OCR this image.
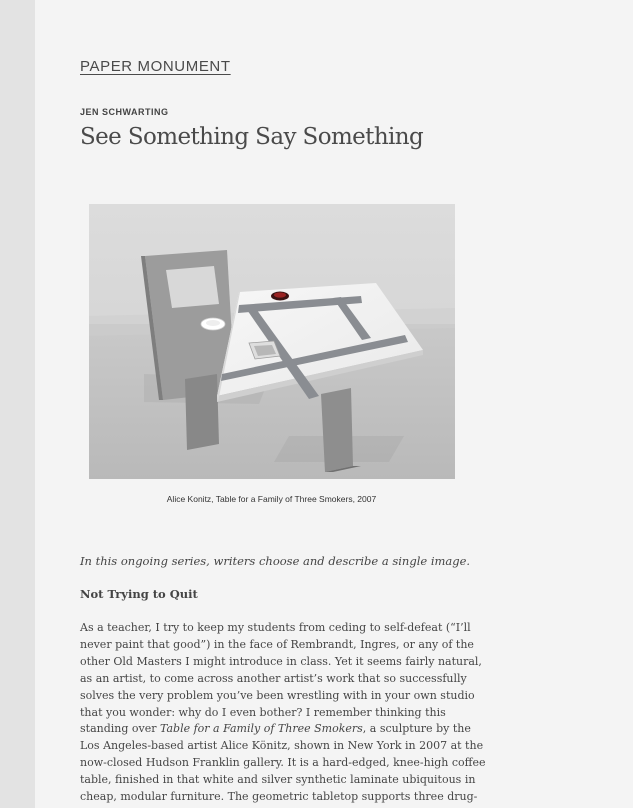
PAPER MONUMENT
JEN SCHWARTING
See Something Say Something
Alice Konitz, Table for a Family of Three Smokers, 2007
In this ongoing series, writers choose and describe a single image.
Not Trying to Quit
As a teacher, I try to keep my students from ceding to self-defeat (“I’ll
never paint that good”) in the face of Rembrandt, Ingres, or any of the
other Old Masters I might introduce in class. Yet it seems fairly natural,
as an artist, to come across another artist’s work that so successfully
solves the very problem you’ve been wrestling with in your own studio
that you wonder: why do I even bother? I remember thinking this
standing over Table for a Family of Three Smokers, a sculpture by the
Los Angeles-based artist Alice Könitz, shown in New York in 2007 at the
now-closed Hudson Franklin gallery. It is a hard-edged, knee-high coffee
table, finished in that white and silver synthetic laminate ubiquitous in
cheap, modular furniture. The geometric tabletop supports three drug-
